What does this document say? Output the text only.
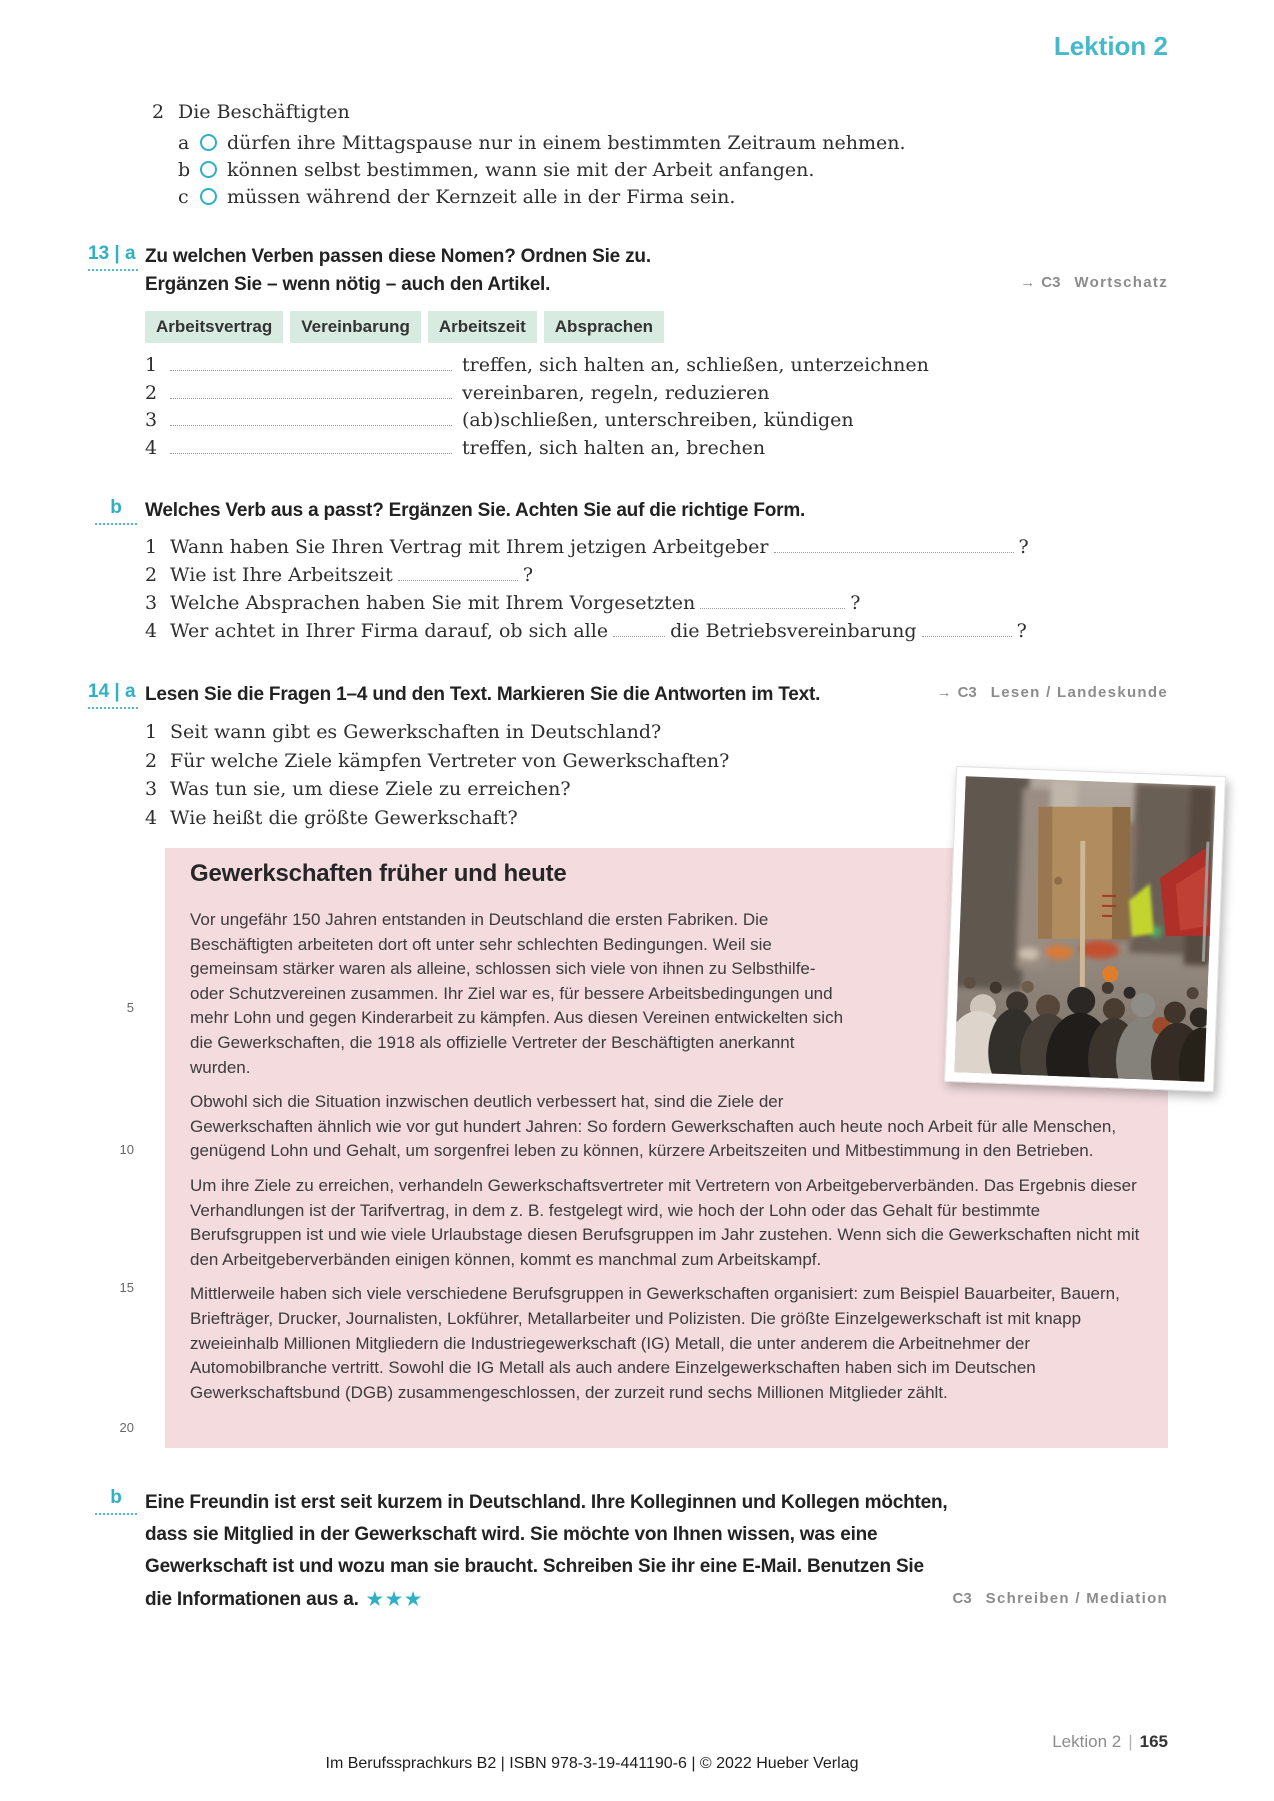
Lektion 2
2 Die Beschäftigten
a	dürfen ihre Mittagspause nur in einem bestimmten Zeitraum nehmen.
b	können selbst bestimmen, wann sie mit der Arbeit anfangen.
c	müssen während der Kernzeit alle in der Firma sein.
13 | a Zu welchen Verben passen diese Nomen? Ordnen Sie zu.
Ergänzen Sie – wenn nötig – auch den Artikel.	→ C3 Wortschatz
Arbeitsvertrag	Vereinbarung	Arbeitszeit	Absprachen
1	treffen, sich halten an, schließen, unterzeichnen
2	vereinbaren, regeln, reduzieren
3	(ab)schließen, unterschreiben, kündigen
4	treffen, sich halten an, brechen
b	Welches Verb aus a passt? Ergänzen Sie. Achten Sie auf die richtige Form.
1 Wann haben Sie Ihren Vertrag mit Ihrem jetzigen Arbeitgeber	?
2 Wie ist Ihre Arbeitszeit	?
3 Welche Absprachen haben Sie mit Ihrem Vorgesetzten	?
4 Wer achtet in Ihrer Firma darauf, ob sich alle	die Betriebsvereinbarung	?
14 | a Lesen Sie die Fragen 1–4 und den Text. Markieren Sie die Antworten im Text.	→ C3 Lesen / Landeskunde
1 Seit wann gibt es Gewerkschaften in Deutschland?
2 Für welche Ziele kämpfen Vertreter von Gewerkschaften?
3 Was tun sie, um diese Ziele zu erreichen?
4 Wie heißt die größte Gewerkschaft?
Gewerkschaften früher und heute

Vor ungefähr 150 Jahren entstanden in Deutschland die ersten Fabriken. Die Beschäftigten arbeiteten dort oft unter sehr schlechten Bedingungen. Weil sie gemeinsam stärker waren als alleine, schlossen sich viele von ihnen zu Selbsthilfe- oder Schutzvereinen zusammen. Ihr Ziel war es, für bessere Arbeitsbedingungen und mehr Lohn und gegen Kinderarbeit zu kämpfen. Aus diesen Vereinen entwickelten sich die Gewerkschaften, die 1918 als offizielle Vertreter der Beschäftigten anerkannt wurden.

Obwohl sich die Situation inzwischen deutlich verbessert hat, sind die Ziele der Gewerkschaften ähnlich wie vor gut hundert Jahren: So fordern Gewerkschaften auch heute noch Arbeit für alle Menschen, genügend Lohn und Gehalt, um sorgenfrei leben zu können, kürzere Arbeitszeiten und Mitbestimmung in den Betrieben.

Um ihre Ziele zu erreichen, verhandeln Gewerkschaftsvertreter mit Vertretern von Arbeitgeberverbänden. Das Ergebnis dieser Verhandlungen ist der Tarifvertrag, in dem z. B. festgelegt wird, wie hoch der Lohn oder das Gehalt für bestimmte Berufsgruppen ist und wie viele Urlaubstage diesen Berufsgruppen im Jahr zustehen. Wenn sich die Gewerkschaften nicht mit den Arbeitgeberverbänden einigen können, kommt es manchmal zum Arbeitskampf.

Mittlerweile haben sich viele verschiedene Berufsgruppen in Gewerkschaften organisiert: zum Beispiel Bauarbeiter, Bauern, Briefträger, Drucker, Journalisten, Lokführer, Metallarbeiter und Polizisten. Die größte Einzelgewerkschaft ist mit knapp zweieinhalb Millionen Mitgliedern die Industriegewerkschaft (IG) Metall, die unter anderem die Arbeitnehmer der Automobilbranche vertritt. Sowohl die IG Metall als auch andere Einzelgewerkschaften haben sich im Deutschen Gewerkschaftsbund (DGB) zusammengeschlossen, der zurzeit rund sechs Millionen Mitglieder zählt.

5
10
15
20
b	Eine Freundin ist erst seit kurzem in Deutschland. Ihre Kolleginnen und Kollegen möchten, dass sie Mitglied in der Gewerkschaft wird. Sie möchte von Ihnen wissen, was eine Gewerkschaft ist und wozu man sie braucht. Schreiben Sie ihr eine E-Mail. Benutzen Sie die Informationen aus a. ★★★	C3 Schreiben / Mediation
Lektion 2 | 165
Im Berufssprachkurs B2 | ISBN 978-3-19-441190-6 | © 2022 Hueber Verlag
